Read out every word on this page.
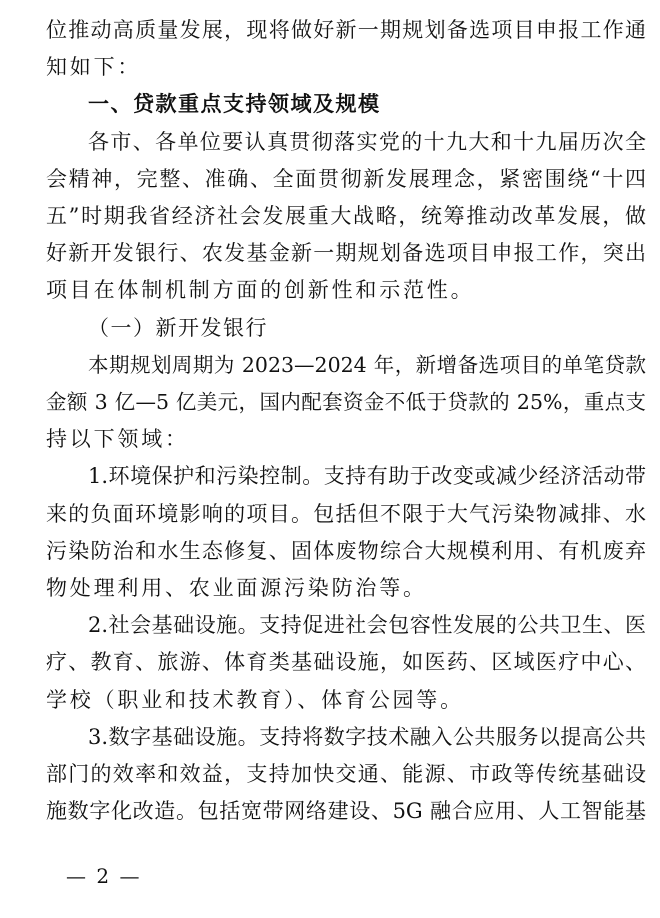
位推动高质量发展，现将做好新一期规划备选项目申报工作通
知如下：
一、贷款重点支持领域及规模
各市、各单位要认真贯彻落实党的十九大和十九届历次全
会精神，完整、准确、全面贯彻新发展理念，紧密围绕“十四
五”时期我省经济社会发展重大战略，统筹推动改革发展，做
好新开发银行、农发基金新一期规划备选项目申报工作，突出
项目在体制机制方面的创新性和示范性。
（一）新开发银行
本期规划周期为 2023—2024 年，新增备选项目的单笔贷款
金额 3 亿—5 亿美元，国内配套资金不低于贷款的 25%，重点支
持以下领域：
1.环境保护和污染控制。支持有助于改变或减少经济活动带
来的负面环境影响的项目。包括但不限于大气污染物减排、水
污染防治和水生态修复、固体废物综合大规模利用、有机废弃
物处理利用、农业面源污染防治等。
2.社会基础设施。支持促进社会包容性发展的公共卫生、医
疗、教育、旅游、体育类基础设施，如医药、区域医疗中心、
学校（职业和技术教育）、体育公园等。
3.数字基础设施。支持将数字技术融入公共服务以提高公共
部门的效率和效益，支持加快交通、能源、市政等传统基础设
施数字化改造。包括宽带网络建设、5G 融合应用、人工智能基
— 2 —
